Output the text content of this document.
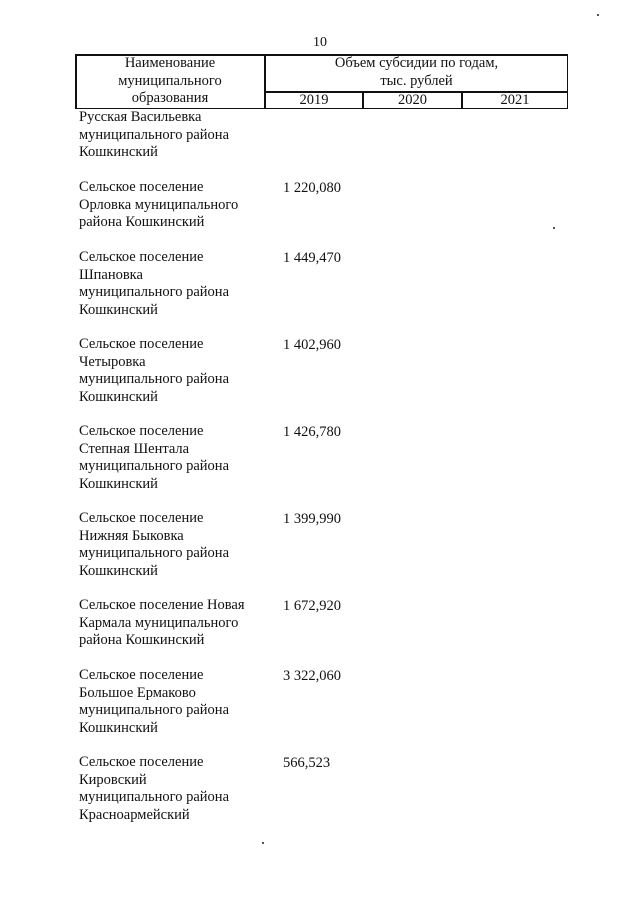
10
Наименование
муниципального
образования
Объем субсидии по годам,
тыс. рублей
2019	2020	2021
Русская Васильевка
муниципального района
Кошкинский
Сельское поселение
Орловка муниципального
района Кошкинский
1 220,080
Сельское поселение
Шпановка
муниципального района
Кошкинский
1 449,470
Сельское поселение
Четыровка
муниципального района
Кошкинский
1 402,960
Сельское поселение
Степная Шентала
муниципального района
Кошкинский
1 426,780
Сельское поселение
Нижняя Быковка
муниципального района
Кошкинский
1 399,990
Сельское поселение Новая
Кармала муниципального
района Кошкинский
1 672,920
Сельское поселение
Большое Ермаково
муниципального района
Кошкинский
3 322,060
Сельское поселение
Кировский
муниципального района
Красноармейский
566,523
